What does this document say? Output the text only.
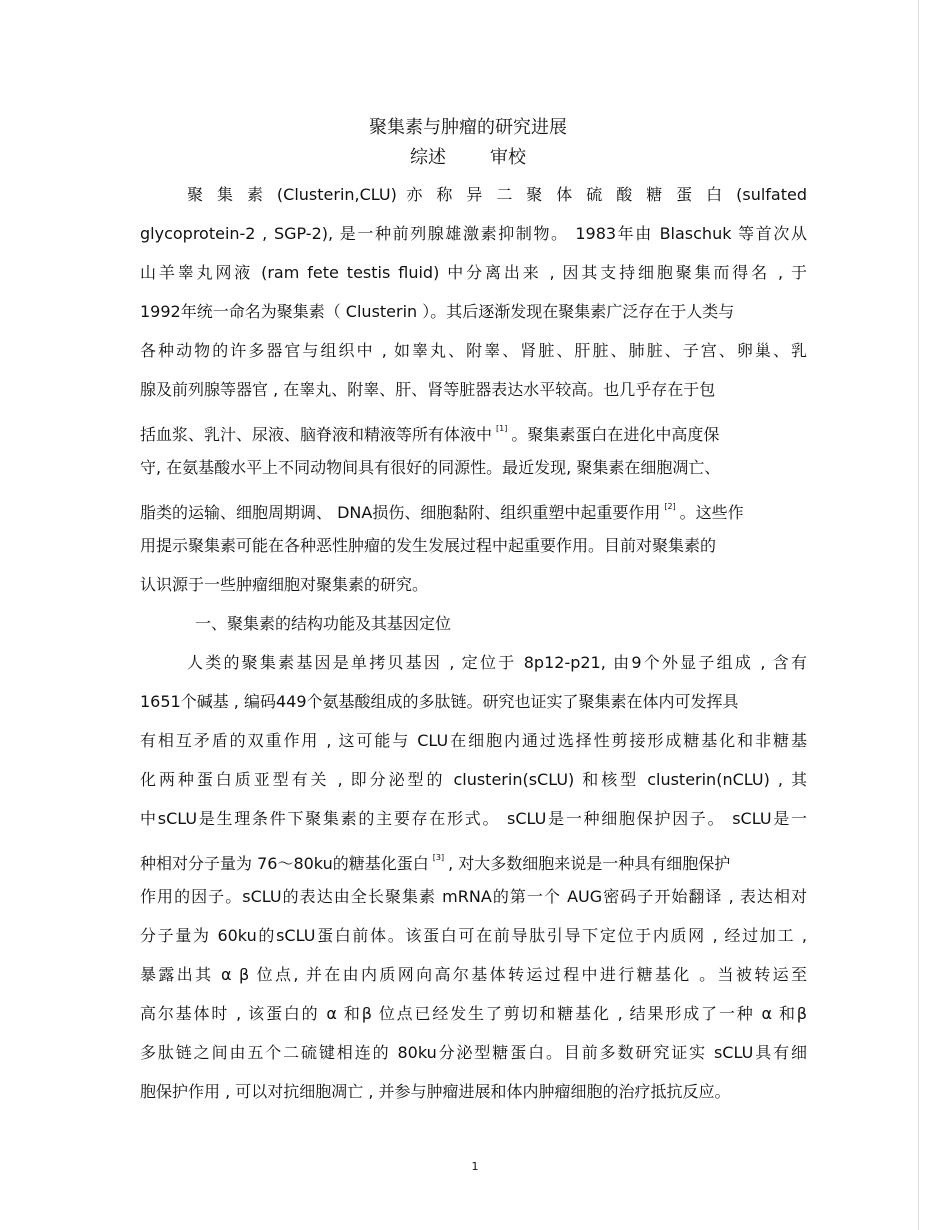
聚集素与肿瘤的研究进展
综述 审校
聚 集 素 (Clusterin,CLU) 亦 称 异 二 聚 体 硫 酸 糖 蛋 白 (sulfated
glycoprotein-2 , SGP-2), 是一种前列腺雄激素抑制物。 1983年由 Blaschuk 等首次从
山羊睾丸网液 (ram fete testis fluid) 中分离出来 , 因其支持细胞聚集而得名 , 于
1992年统一命名为聚集素（ Clusterin ）。其后逐渐发现在聚集素广泛存在于人类与
各种动物的许多器官与组织中 , 如睾丸、附睾、肾脏、肝脏、肺脏、子宫、卵巢、乳
腺及前列腺等器官 , 在睾丸、附睾、肝、肾等脏器表达水平较高。也几乎存在于包
括血浆、乳汁、尿液、脑脊液和精液等所有体液中 [1] 。聚集素蛋白在进化中高度保
守, 在氨基酸水平上不同动物间具有很好的同源性。最近发现, 聚集素在细胞凋亡、
脂类的运输、细胞周期调、 DNA损伤、细胞黏附、组织重塑中起重要作用 [2] 。这些作
用提示聚集素可能在各种恶性肿瘤的发生发展过程中起重要作用。目前对聚集素的
认识源于一些肿瘤细胞对聚集素的研究。
一、聚集素的结构功能及其基因定位
人类的聚集素基因是单拷贝基因 , 定位于 8p12-p21, 由9个外显子组成 , 含有
1651个碱基 , 编码449个氨基酸组成的多肽链。研究也证实了聚集素在体内可发挥具
有相互矛盾的双重作用 , 这可能与 CLU在细胞内通过选择性剪接形成糖基化和非糖基
化两种蛋白质亚型有关 , 即分泌型的 clusterin(sCLU) 和核型 clusterin(nCLU) , 其
中sCLU是生理条件下聚集素的主要存在形式。 sCLU是一种细胞保护因子。 sCLU是一
种相对分子量为 76～80ku的糖基化蛋白 [3] , 对大多数细胞来说是一种具有细胞保护
作用的因子。sCLU的表达由全长聚集素 mRNA的第一个 AUG密码子开始翻译 , 表达相对
分子量为 60ku的sCLU蛋白前体。该蛋白可在前导肽引导下定位于内质网 , 经过加工 ,
暴露出其 α β 位点, 并在由内质网向高尔基体转运过程中进行糖基化 。当被转运至
高尔基体时 , 该蛋白的 α 和β 位点已经发生了剪切和糖基化 , 结果形成了一种 α 和β
多肽链之间由五个二硫键相连的 80ku分泌型糖蛋白。目前多数研究证实 sCLU具有细
胞保护作用 , 可以对抗细胞凋亡 , 并参与肿瘤进展和体内肿瘤细胞的治疗抵抗反应。
1
